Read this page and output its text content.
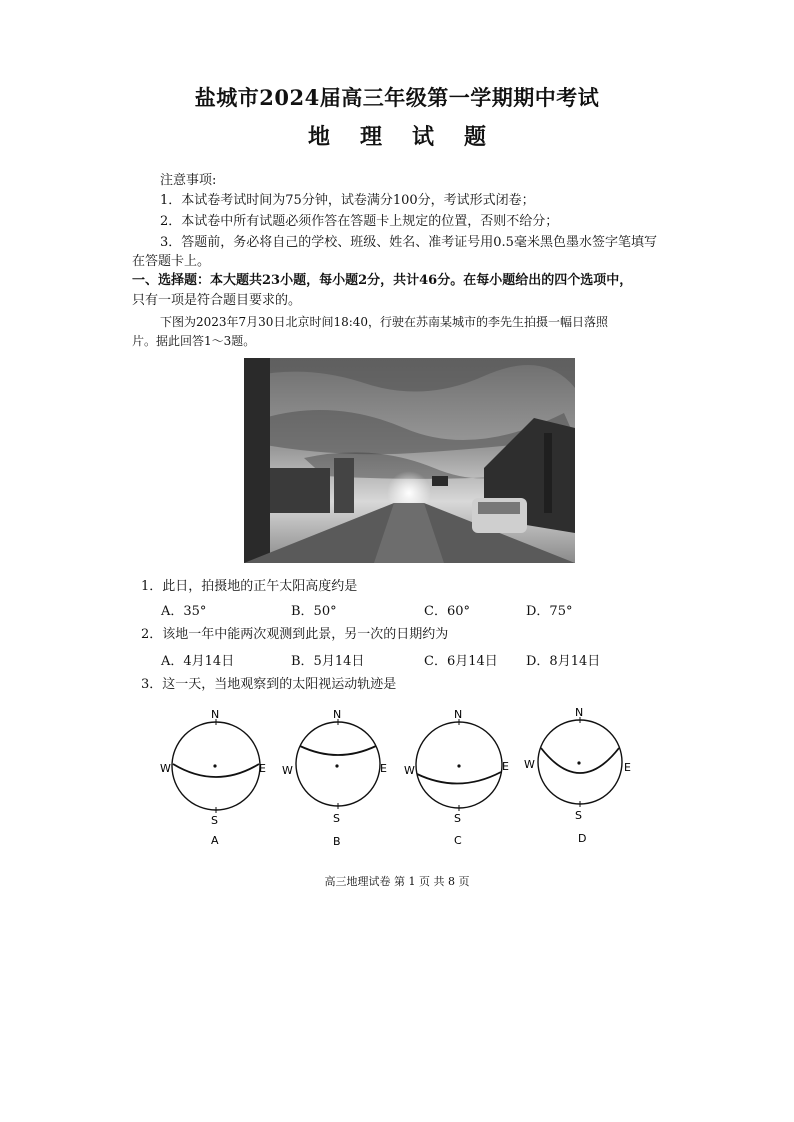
盐城市2024届高三年级第一学期期中考试
地理试题
注意事项:
1．本试卷考试时间为75分钟，试卷满分100分，考试形式闭卷；
2．本试卷中所有试题必须作答在答题卡上规定的位置，否则不给分；
3．答题前，务必将自己的学校、班级、姓名、准考证号用0.5毫米黑色墨水签字笔填写
在答题卡上。
一、选择题：本大题共23小题，每小题2分，共计46分。在每小题给出的四个选项中，
只有一项是符合题目要求的。
下图为2023年7月30日北京时间18:40，行驶在苏南某城市的李先生拍摄一幅日落照
片。据此回答1～3题。
1．此日，拍摄地的正午太阳高度约是
A．35°	B．50°	C．60°	D．75°
2．该地一年中能两次观测到此景，另一次的日期约为
A．4月14日	B．5月14日	C．6月14日 D．8月14日
3．这一天，当地观察到的太阳视运动轨迹是
N
S
W	E
A
N
S
W	E
B
N
S
W	E
C
N
S
W	E
D
高三地理试卷 第 1 页 共 8 页
